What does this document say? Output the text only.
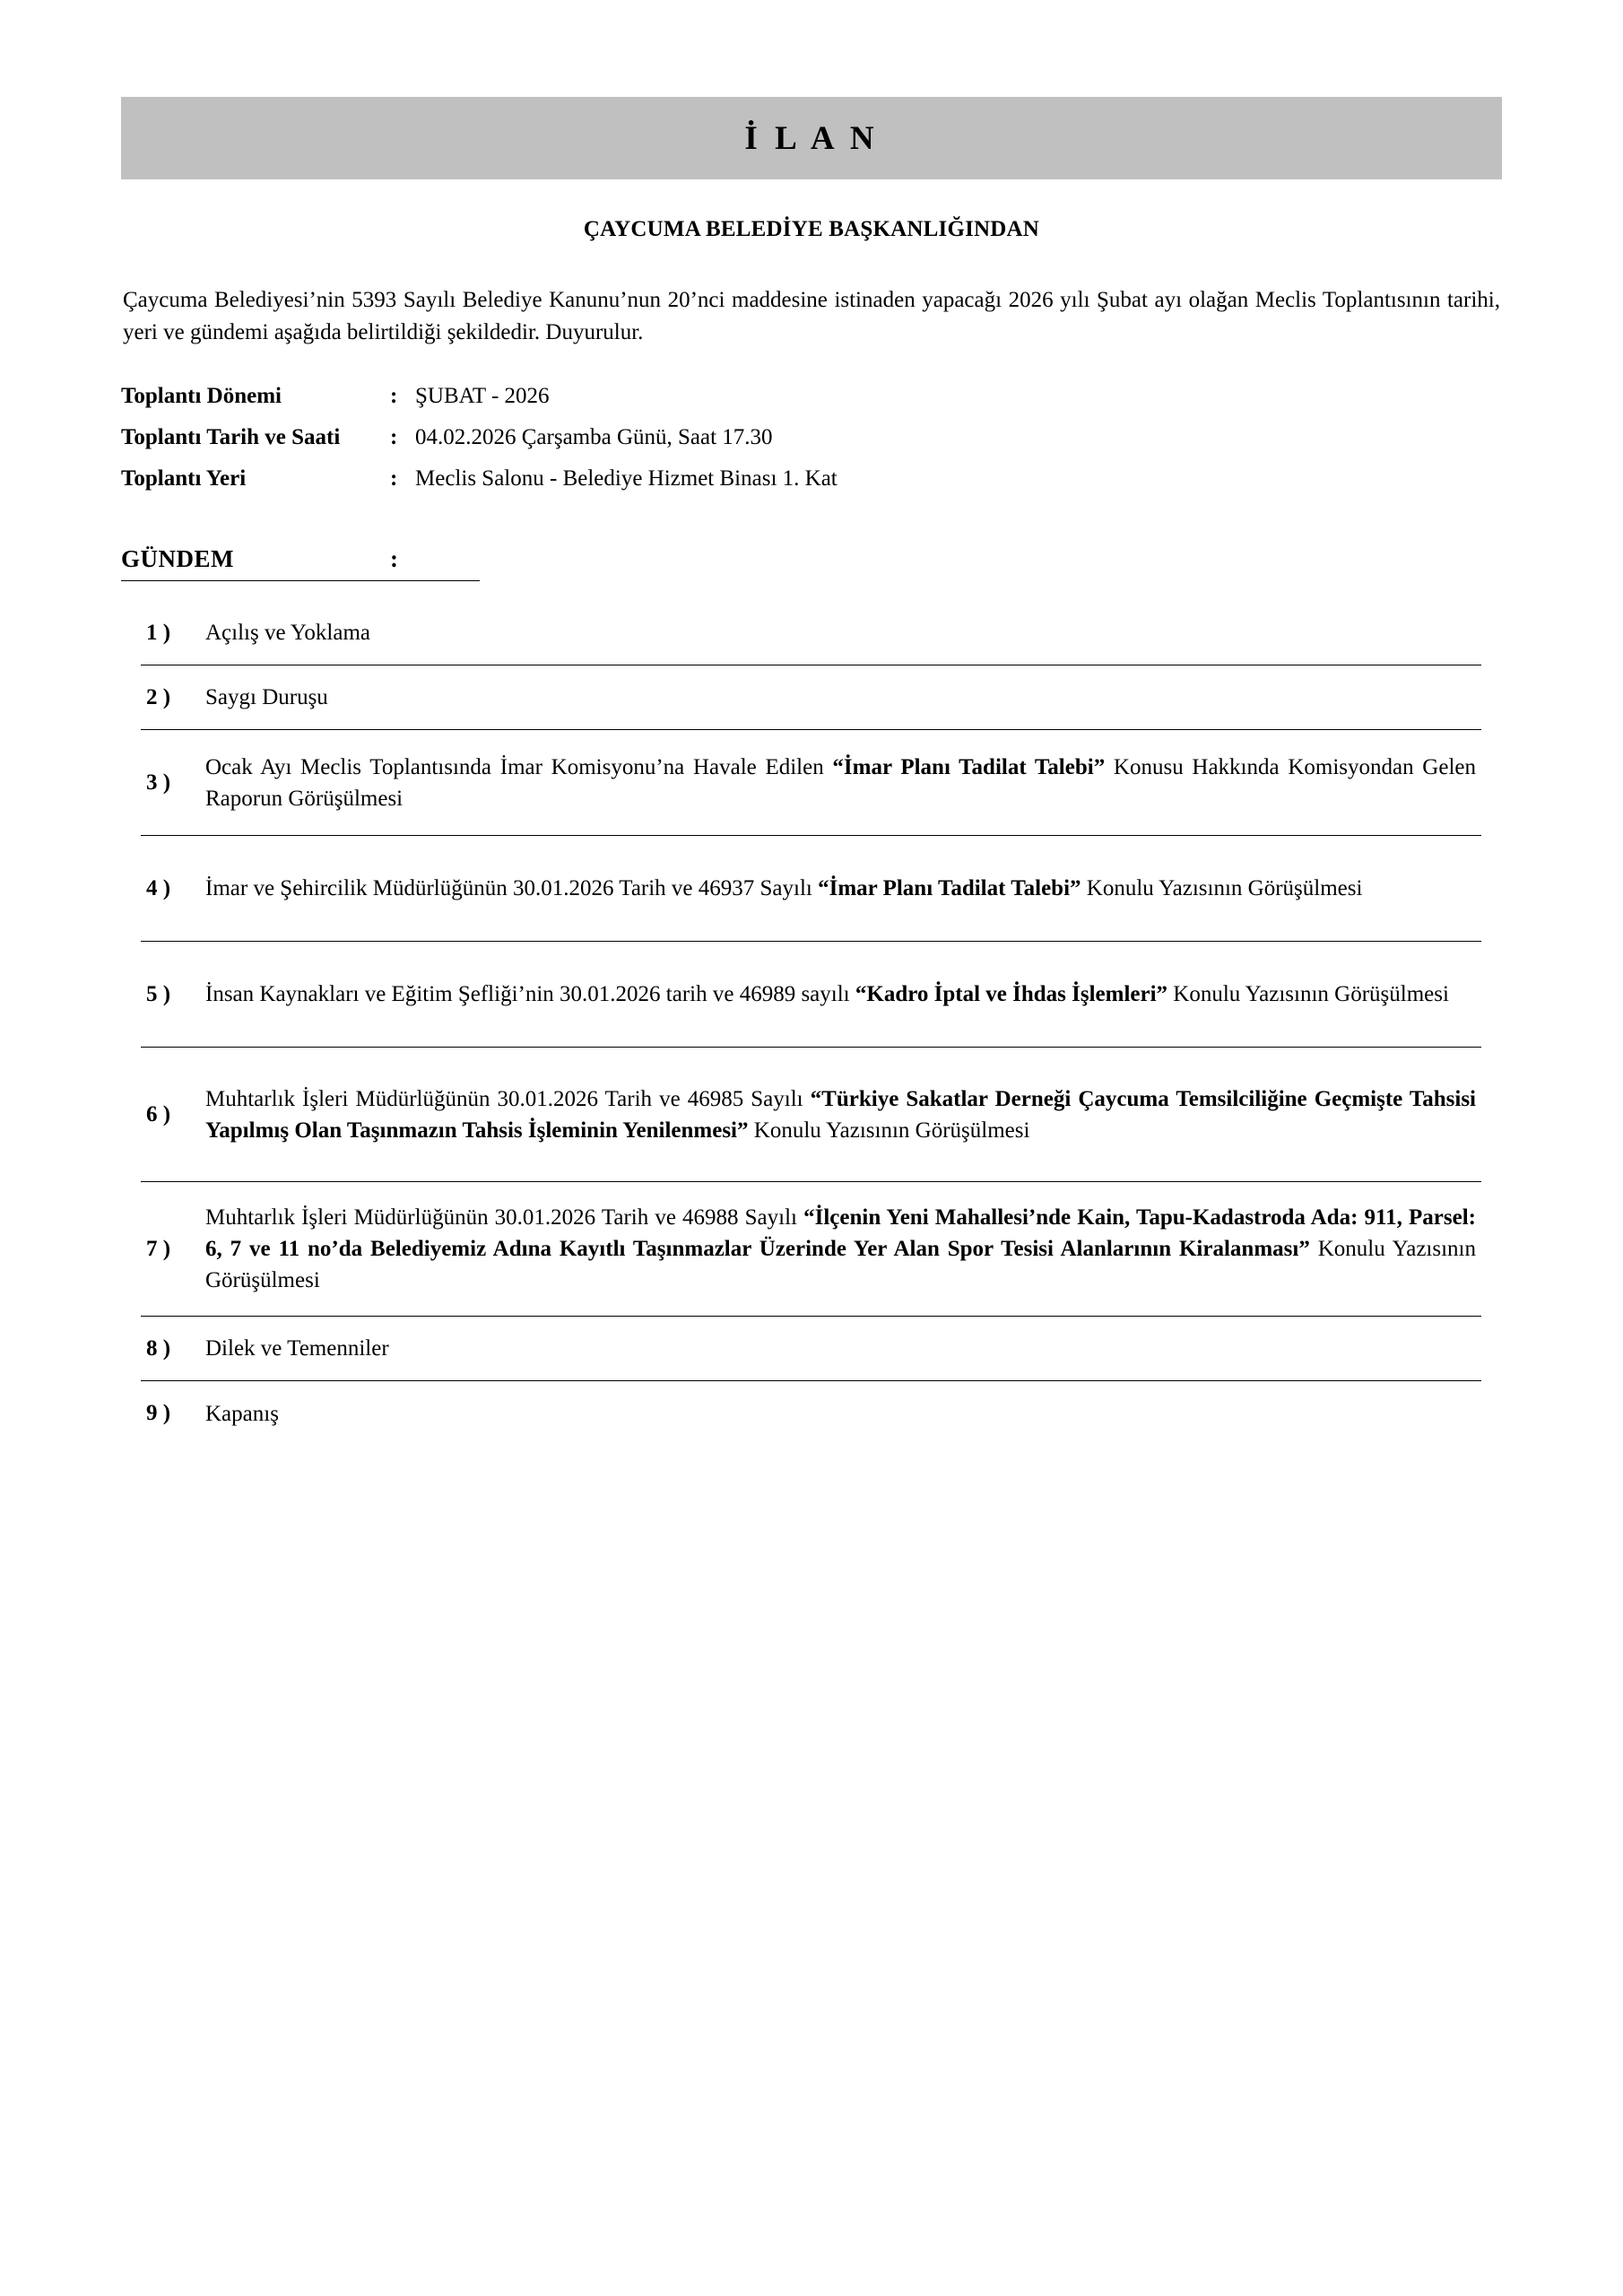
İ L A N
ÇAYCUMA BELEDİYE BAŞKANLIĞINDAN
Çaycuma Belediyesi’nin 5393 Sayılı Belediye Kanunu’nun 20’nci maddesine istinaden yapacağı 2026 yılı Şubat ayı olağan Meclis Toplantısının tarihi, yeri ve gündemi aşağıda belirtildiği şekildedir. Duyurulur.
Toplantı Dönemi	: ŞUBAT - 2026
Toplantı Tarih ve Saati	: 04.02.2026 Çarşamba Günü, Saat 17.30
Toplantı Yeri	: Meclis Salonu - Belediye Hizmet Binası 1. Kat
GÜNDEM	:
1 )	Açılış ve Yoklama
2 )	Saygı Duruşu
3 )
Ocak Ayı Meclis Toplantısında İmar Komisyonu’na Havale Edilen “İmar Planı Tadilat Talebi” Konusu Hakkında Komisyondan Gelen Raporun Görüşülmesi
4 )	İmar ve Şehircilik Müdürlüğünün 30.01.2026 Tarih ve 46937 Sayılı “İmar Planı Tadilat Talebi” Konulu Yazısının Görüşülmesi
5 )	İnsan Kaynakları ve Eğitim Şefliği’nin 30.01.2026 tarih ve 46989 sayılı “Kadro İptal ve İhdas İşlemleri” Konulu Yazısının Görüşülmesi
6 )
Muhtarlık İşleri Müdürlüğünün 30.01.2026 Tarih ve 46985 Sayılı “Türkiye Sakatlar Derneği Çaycuma Temsilciliğine Geçmişte Tahsisi Yapılmış Olan Taşınmazın Tahsis İşleminin Yenilenmesi” Konulu Yazısının Görüşülmesi
7 )
Muhtarlık İşleri Müdürlüğünün 30.01.2026 Tarih ve 46988 Sayılı “İlçenin Yeni Mahallesi’nde Kain, Tapu-Kadastroda Ada: 911, Parsel: 6, 7 ve 11 no’da Belediyemiz Adına Kayıtlı Taşınmazlar Üzerinde Yer Alan Spor Tesisi Alanlarının Kiralanması” Konulu Yazısının Görüşülmesi
8 )	Dilek ve Temenniler
9 )	Kapanış
